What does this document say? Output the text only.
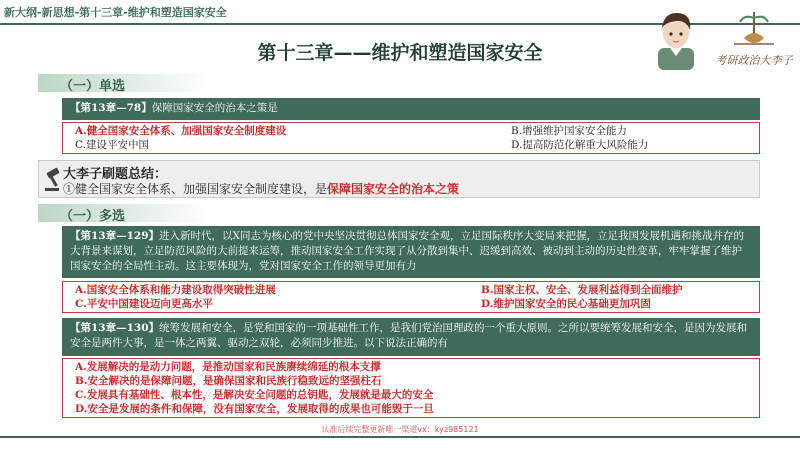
新大纲-新思想-第十三章-维护和塑造国家安全
考研政治大李子
第十三章——维护和塑造国家安全
（一）单选
【第13章—78】保障国家安全的治本之策是
A.健全国家安全体系、加强国家安全制度建设	B.增强维护国家安全能力
C.建设平安中国	D.提高防范化解重大风险能力
大李子刷题总结：
①健全国家安全体系、加强国家安全制度建设，是保障国家安全的治本之策
（一）多选
【第13章—129】进入新时代，以X同志为核心的党中央坚决贯彻总体国家安全观，立足国际秩序大变局来把握，立足我国发展机遇和挑战并存的大背景来谋划，立足防范风险的大前提来运筹，推动国家安全工作实现了从分散到集中、迟缓到高效、被动到主动的历史性变革，牢牢掌握了维护国家安全的全局性主动。这主要体现为，党对国家安全工作的领导更加有力
A.国家安全体系和能力建设取得突破性进展	B.国家主权、安全、发展利益得到全面维护
C.平安中国建设迈向更高水平	D.维护国家安全的民心基础更加巩固
【第13章—130】统筹发展和安全，是党和国家的一项基础性工作，是我们党治国理政的一个重大原则。之所以要统筹发展和安全，是因为发展和安全是两件大事，是一体之两翼、驱动之双轮，必须同步推进。以下说法正确的有
A.发展解决的是动力问题，是推动国家和民族赓续绵延的根本支撑
B.安全解决的是保障问题，是确保国家和民族行稳致远的坚强柱石
C.发展具有基础性、根本性，是解决安全问题的总钥匙，发展就是最大的安全
D.安全是发展的条件和保障，没有国家安全，发展取得的成果也可能毁于一旦
认准后续完整更新唯一渠道vx：kyz985121
